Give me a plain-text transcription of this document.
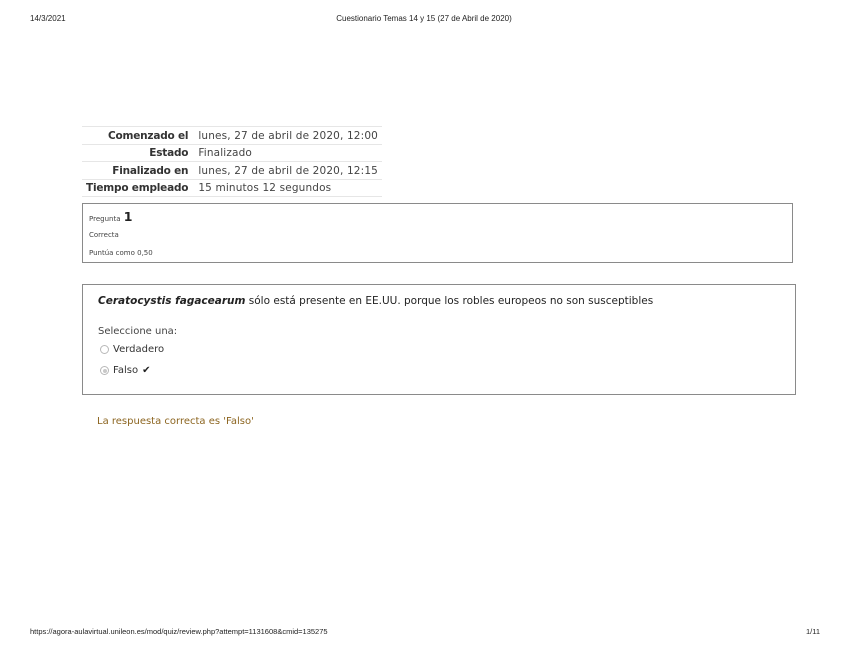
14/3/2021	Cuestionario Temas 14 y 15 (27 de Abril de 2020)
Comenzado el	lunes, 27 de abril de 2020, 12:00
Estado	Finalizado
Finalizado en	lunes, 27 de abril de 2020, 12:15
Tiempo empleado	15 minutos 12 segundos
Pregunta 1
Correcta
Puntúa como 0,50
Ceratocystis fagacearum sólo está presente en EE.UU. porque los robles europeos no son susceptibles
Seleccione una:
Verdadero
Falso ✔
La respuesta correcta es 'Falso'
https://agora-aulavirtual.unileon.es/mod/quiz/review.php?attempt=1131608&cmid=135275	1/11
